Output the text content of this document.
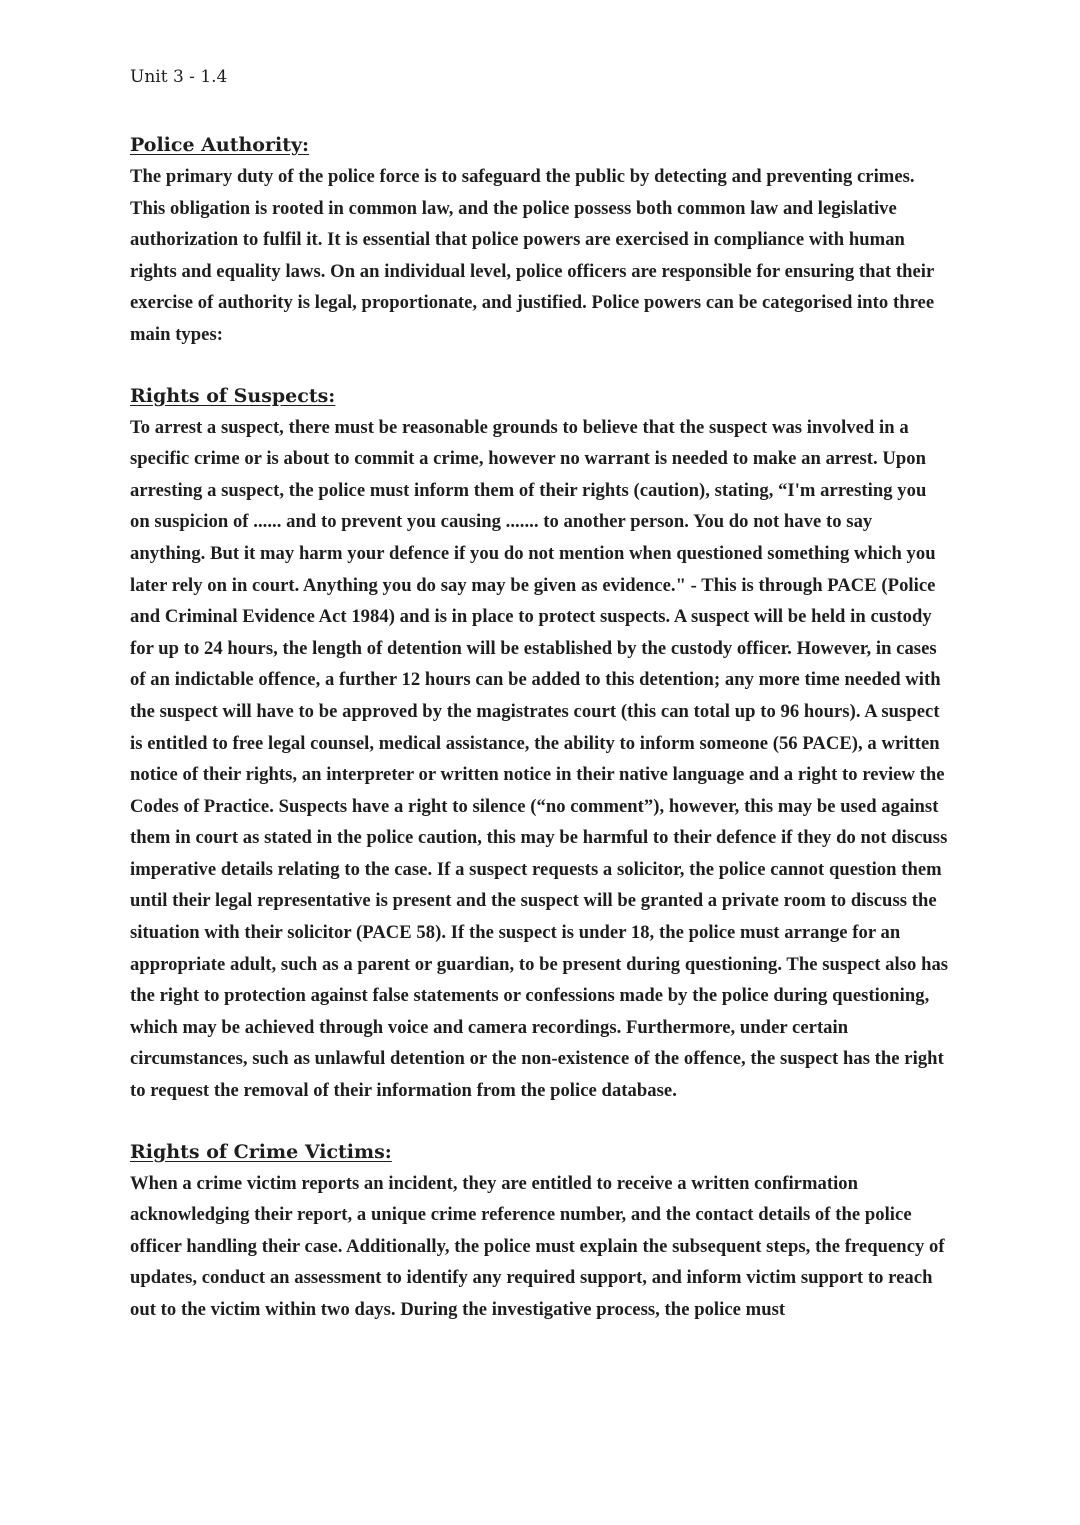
Unit 3 - 1.4
Police Authority:

The primary duty of the police force is to safeguard the public by detecting and preventing crimes. This obligation is rooted in common law, and the police possess both common law and legislative authorization to fulfil it. It is essential that police powers are exercised in compliance with human rights and equality laws. On an individual level, police officers are responsible for ensuring that their exercise of authority is legal, proportionate, and justified. Police powers can be categorised into three main types:

Rights of Suspects:

To arrest a suspect, there must be reasonable grounds to believe that the suspect was involved in a specific crime or is about to commit a crime, however no warrant is needed to make an arrest. Upon arresting a suspect, the police must inform them of their rights (caution), stating, “I'm arresting you on suspicion of ...... and to prevent you causing ....... to another person. You do not have to say anything. But it may harm your defence if you do not mention when questioned something which you later rely on in court. Anything you do say may be given as evidence." - This is through PACE (Police and Criminal Evidence Act 1984) and is in place to protect suspects. A suspect will be held in custody for up to 24 hours, the length of detention will be established by the custody officer. However, in cases of an indictable offence, a further 12 hours can be added to this detention; any more time needed with the suspect will have to be approved by the magistrates court (this can total up to 96 hours). A suspect is entitled to free legal counsel, medical assistance, the ability to inform someone (56 PACE), a written notice of their rights, an interpreter or written notice in their native language and a right to review the Codes of Practice. Suspects have a right to silence (“no comment”), however, this may be used against them in court as stated in the police caution, this may be harmful to their defence if they do not discuss imperative details relating to the case. If a suspect requests a solicitor, the police cannot question them until their legal representative is present and the suspect will be granted a private room to discuss the situation with their solicitor (PACE 58). If the suspect is under 18, the police must arrange for an appropriate adult, such as a parent or guardian, to be present during questioning. The suspect also has the right to protection against false statements or confessions made by the police during questioning, which may be achieved through voice and camera recordings. Furthermore, under certain circumstances, such as unlawful detention or the non-existence of the offence, the suspect has the right to request the removal of their information from the police database.

Rights of Crime Victims:

When a crime victim reports an incident, they are entitled to receive a written confirmation acknowledging their report, a unique crime reference number, and the contact details of the police officer handling their case. Additionally, the police must explain the subsequent steps, the frequency of updates, conduct an assessment to identify any required support, and inform victim support to reach out to the victim within two days. During the investigative process, the police must
